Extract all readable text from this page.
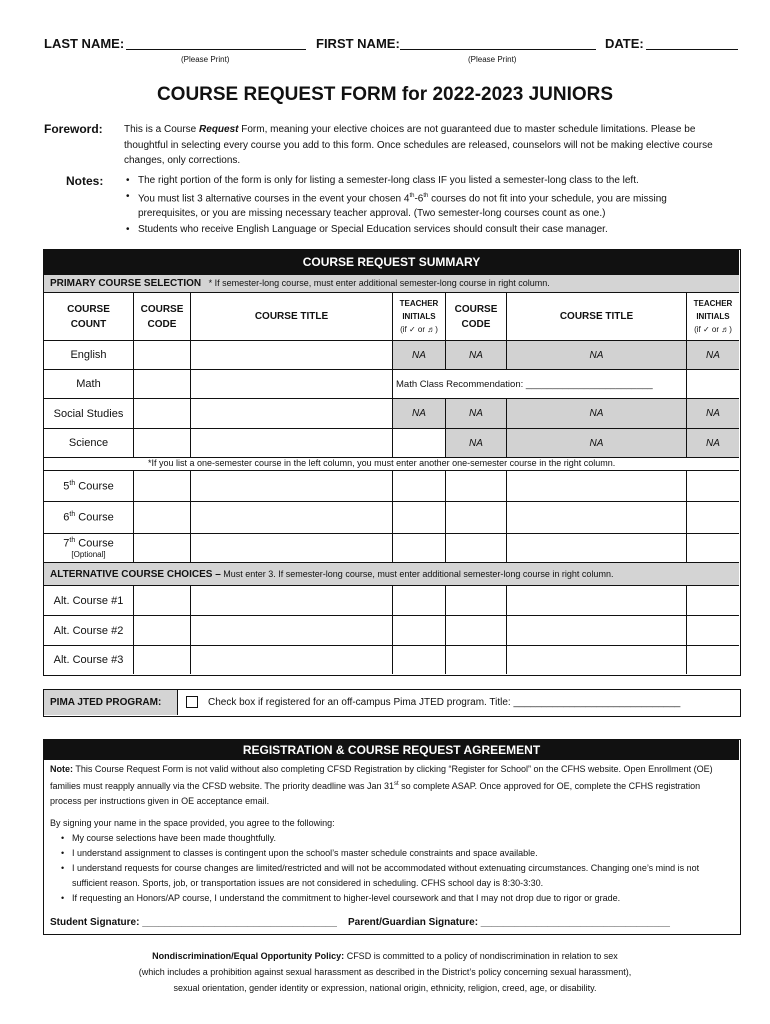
LAST NAME:	FIRST NAME:	DATE:
(Please Print)	(Please Print)
COURSE REQUEST FORM for 2022-2023 JUNIORS
Foreword: This is a Course Request Form, meaning your elective choices are not guaranteed due to master schedule limitations. Please be thoughtful in selecting every course you add to this form. Once schedules are released, counselors will not be making elective course changes, only corrections.
Notes:
•	The right portion of the form is only for listing a semester-long class IF you listed a semester-long class to the left.
• You must list 3 alternative courses in the event your chosen 4th-6th courses do not fit into your schedule, you are missing prerequisites, or you are missing necessary teacher approval. (Two semester-long courses count as one.)
• Students who receive English Language or Special Education services should consult their case manager.
COURSE REQUEST SUMMARY
PRIMARY COURSE SELECTION * If semester-long course, must enter additional semester-long course in right column.
COURSE
COUNT
COURSE
CODE
COURSE TITLE
TEACHER
INITIALS
(if ✓ or ♬)
COURSE
CODE
COURSE TITLE
TEACHER
INITIALS
(if ✓ or ♬)
English	NA	NA	NA	NA
Math	Math Class Recommendation: ________________________
Social Studies	NA	NA	NA	NA
Science	NA	NA	NA
*If you list a one-semester course in the left column, you must enter another one-semester course in the right column.
5th Course
6th Course
7th Course
[Optional]
ALTERNATIVE COURSE CHOICES – Must enter 3. If semester-long course, must enter additional semester-long course in right column.
Alt. Course #1
Alt. Course #2
Alt. Course #3
PIMA JTED PROGRAM:	Check box if registered for an off-campus Pima JTED program. Title: ______________________________
REGISTRATION & COURSE REQUEST AGREEMENT
Note: This Course Request Form is not valid without also completing CFSD Registration by clicking “Register for School” on the CFHS website. Open Enrollment (OE) families must reapply annually via the CFSD website. The priority deadline was Jan 31st so complete ASAP. Once approved for OE, complete the CFHS registration process per instructions given in OE acceptance email.
By signing your name in the space provided, you agree to the following:
• My course selections have been made thoughtfully.
• I understand assignment to classes is contingent upon the school’s master schedule constraints and space available.
• I understand requests for course changes are limited/restricted and will not be accommodated without extenuating circumstances. Changing one’s mind is not sufficient reason. Sports, job, or transportation issues are not considered in scheduling. CFHS school day is 8:30-3:30.
• If requesting an Honors/AP course, I understand the commitment to higher-level coursework and that I may not drop due to rigor or grade.
Student Signature: ___________________________________ Parent/Guardian Signature: __________________________________
Nondiscrimination/Equal Opportunity Policy: CFSD is committed to a policy of nondiscrimination in relation to sex
(which includes a prohibition against sexual harassment as described in the District’s policy concerning sexual harassment),
sexual orientation, gender identity or expression, national origin, ethnicity, religion, creed, age, or disability.
